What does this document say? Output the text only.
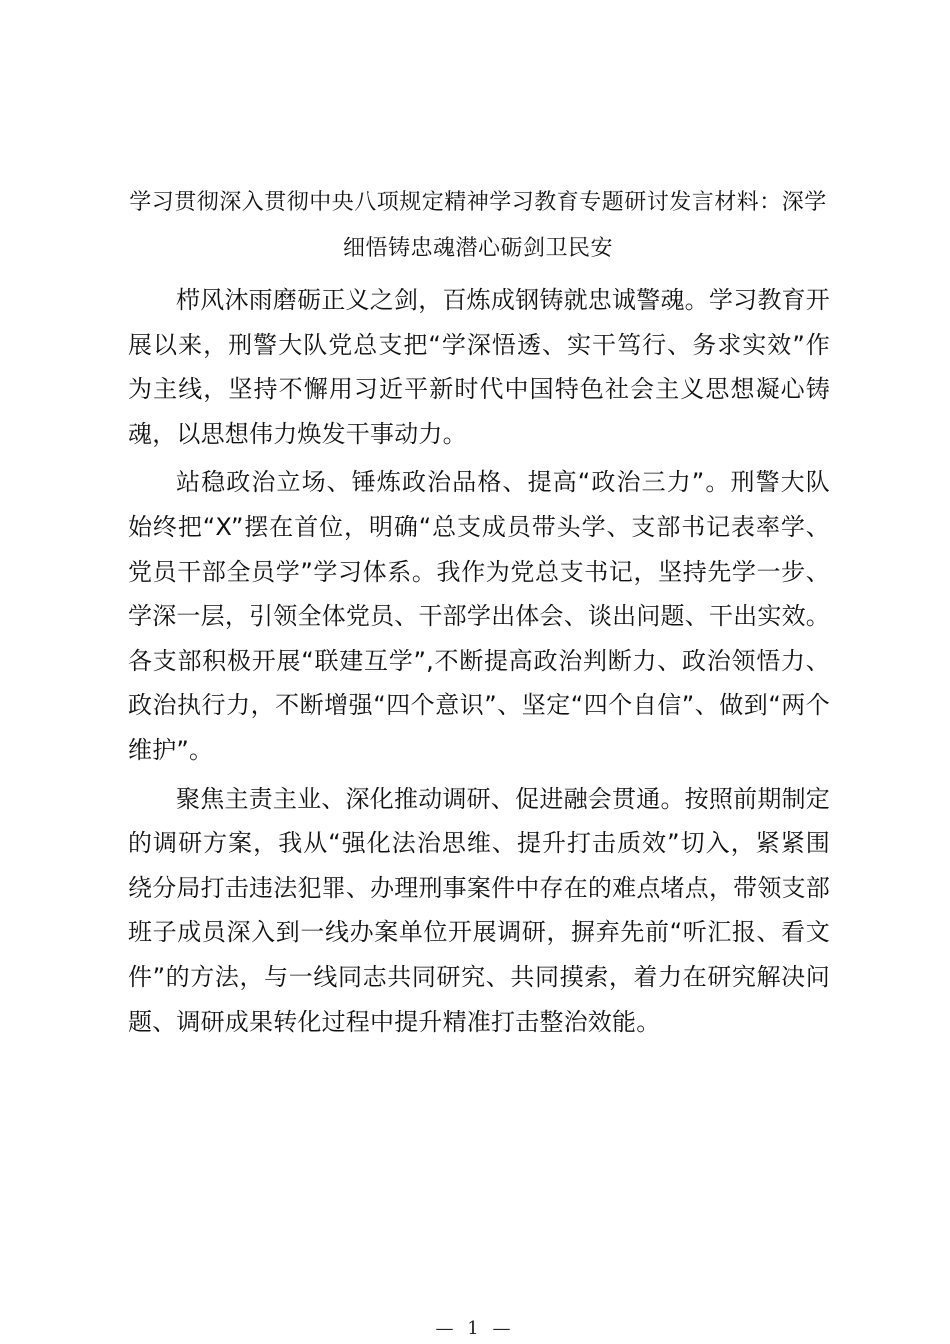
学习贯彻深入贯彻中央八项规定精神学习教育专题研讨发言材料：深学细悟铸忠魂潜心砺剑卫民安

栉风沐雨磨砺正义之剑，百炼成钢铸就忠诚警魂。学习教育开展以来，刑警大队党总支把“学深悟透、实干笃行、务求实效”作为主线，坚持不懈用习近平新时代中国特色社会主义思想凝心铸魂，以思想伟力焕发干事动力。

站稳政治立场、锤炼政治品格、提高“政治三力”。刑警大队始终把“X”摆在首位，明确“总支成员带头学、支部书记表率学、党员干部全员学”学习体系。我作为党总支书记，坚持先学一步、学深一层，引领全体党员、干部学出体会、谈出问题、干出实效。各支部积极开展“联建互学”,不断提高政治判断力、政治领悟力、政治执行力，不断增强“四个意识”、坚定“四个自信”、做到“两个维护”。

聚焦主责主业、深化推动调研、促进融会贯通。按照前期制定的调研方案，我从“强化法治思维、提升打击质效”切入，紧紧围绕分局打击违法犯罪、办理刑事案件中存在的难点堵点，带领支部班子成员深入到一线办案单位开展调研，摒弃先前“听汇报、看文件”的方法，与一线同志共同研究、共同摸索，着力在研究解决问题、调研成果转化过程中提升精准打击整治效能。

— 1 —
